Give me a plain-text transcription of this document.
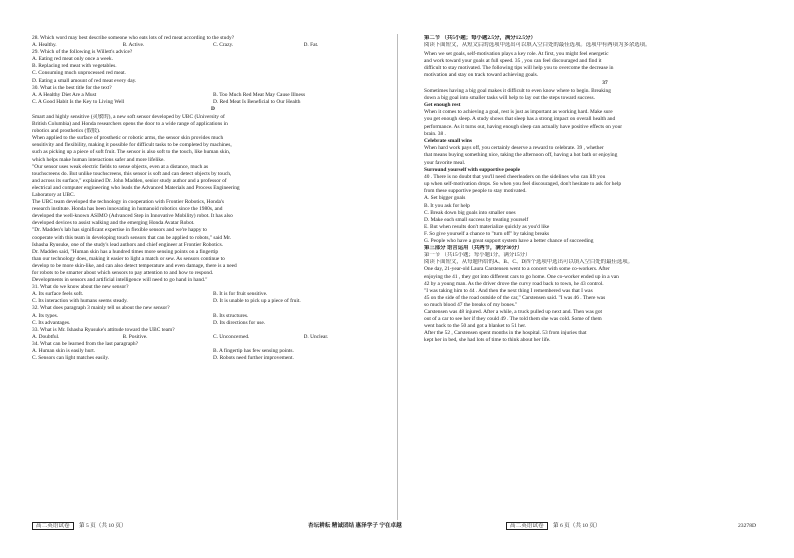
28. Which word may best describe someone who eats lots of red meat according to the study?
A. Healthy.	B. Active.	C. Crazy.	D. Fat.
29. Which of the following is Willett's advice?
A. Eating red meat only once a week.
B. Replacing red meat with vegetables.
C. Consuming much unprocessed red meat.
D. Eating a small amount of red meat every day.
30. What is the best title for the text?
A. A Healthy Diet Are a Must	B. Too Much Red Meat May Cause Illness
C. A Good Habit Is the Key to Living Well	D. Red Meat Is Beneficial to Our Health
D
Smart and highly sensitive (灵敏的), a new soft sensor developed by UBC (University of
British Columbia) and Honda researchers opens the door to a wide range of applications in
robotics and prosthetics (假肢).
When applied to the surface of prosthetic or robotic arms, the sensor skin provides much
sensitivity and flexibility, making it possible for difficult tasks to be completed by machines,
such as picking up a piece of soft fruit. The sensor is also soft to the touch, like human skin,
which helps make human interactions safer and more lifelike.
"Our sensor uses weak electric fields to sense objects, even at a distance, much as
touchscreens do. But unlike touchscreens, this sensor is soft and can detect objects by touch,
and across its surface," explained Dr. John Madden, senior study author and a professor of
electrical and computer engineering who leads the Advanced Materials and Process Engineering
Laboratory at UBC.
The UBC team developed the technology in cooperation with Frontier Robotics, Honda's
research institute. Honda has been innovating in humanoid robotics since the 1980s, and
developed the well-known ASIMO (Advanced Step in Innovative Mobility) robot. It has also
developed devices to assist walking and the emerging Honda Avatar Robot.
"Dr. Madden's lab has significant expertise in flexible sensors and we're happy to
cooperate with this team in developing touch sensors that can be applied to robots," said Mr.
Ishasha Ryusuke, one of the study's lead authors and chief engineer at Frontier Robotics.
Dr. Madden said, "Human skin has a hundred times more sensing points on a fingertip
than our technology does, making it easier to light a match or sew. As sensors continue to
develop to be more skin-like, and can also detect temperature and even damage, there is a need
for robots to be smarter about which sensors to pay attention to and how to respond.
Developments in sensors and artificial intelligence will need to go hand in hand."
31. What do we know about the new sensor?
A. Its surface feels soft.	B. It is for fruit sensitive.
C. Its interaction with humans seems steady.	D. It is unable to pick up a piece of fruit.
32. What does paragraph 3 mainly tell us about the new sensor?
A. Its types.	B. Its structures.
C. Its advantages.	D. Its directions for use.
33. What is Mr. Ishasha Ryusuke's attitude toward the UBC team?
A. Doubtful.	B. Positive.	C. Unconcerned.	D. Unclear.
34. What can be learned from the last paragraph?
A. Human skin is easily hurt.	B. A fingertip has few sensing points.
C. Sensors can light matches easily.	D. Robots need further improvement.
第二节 （共5小题；每小题2.5分，满分12.5分）
阅读下面短文，从短文后的选项中选出可以填入空白处的最佳选项。选项中有两项为多余选项。
When we set goals, self-motivation plays a key role. At first, you might feel energetic
and work toward your goals at full speed. 35 , you can feel discouraged and find it
difficult to stay motivated. The following tips will help you to overcome the decrease in
motivation and stay on track toward achieving goals.
37
Sometimes having a big goal makes it difficult to even know where to begin. Breaking
down a big goal into smaller tasks will help to lay out the steps toward success.
Get enough rest
When it comes to achieving a goal, rest is just as important as working hard. Make sure
you get enough sleep. A study shows that sleep has a strong impact on overall health and
performance. As it turns out, having enough sleep can actually have positive effects on your
brain. 38 .
Celebrate small wins
When hard work pays off, you certainly deserve a reward to celebrate. 39 , whether
that means buying something nice, taking the afternoon off, having a hot bath or enjoying
your favorite meal.
Surround yourself with supportive people
40 . There is no doubt that you'll need cheerleaders on the sidelines who can lift you
up when self-motivation drops. So when you feel discouraged, don't hesitate to ask for help
from these supportive people to stay motivated.
A. Set bigger goals
B. It you ask for help
C. Break down big goals into smaller ones
D. Make each small success by treating yourself
E. But when results don't materialize quickly as you'd like
F. So give yourself a chance to "turn off" by taking breaks
G. People who have a great support system have a better chance of succeeding
第三部分 语言运用（共两节，满分30分）
第一节 （共15小题；每小题1分，满分15分）
阅读下面短文，从每题所给的A、B、C、D四个选项中选出可以填入空白处的最佳选项。
One day, 21-year-old Laura Carstensen went to a concert with some co-workers. After
enjoying the 41 , they got into different cars to go home. One co-worker ended up in a van
42 by a young man. As the driver drove the curvy road back to town, he 43 control.
"I was taking him to 44 . And then the next thing I remembered was that I was
45 on the side of the road outside of the car," Carstensen said. "I was 46 . There was
so much blood 47 the breaks of my bones."
Carstensen was 48 injured. After a while, a truck pulled up next and. Then was got
out of a car to see her if they could 49 . The told them she was cold. Some of them
went back to the 50 and got a blanket to 51 her.
After the 52 , Carstensen spent months in the hospital. 53 from injuries that
kept her in bed, she had lots of time to think about her life.
高二英语试卷 第 5 页（共 10 页）	杏坛耕耘 精诚团结 惠泽学子 宁在卓越	高二英语试卷 第 6 页（共 10 页）	23278D
